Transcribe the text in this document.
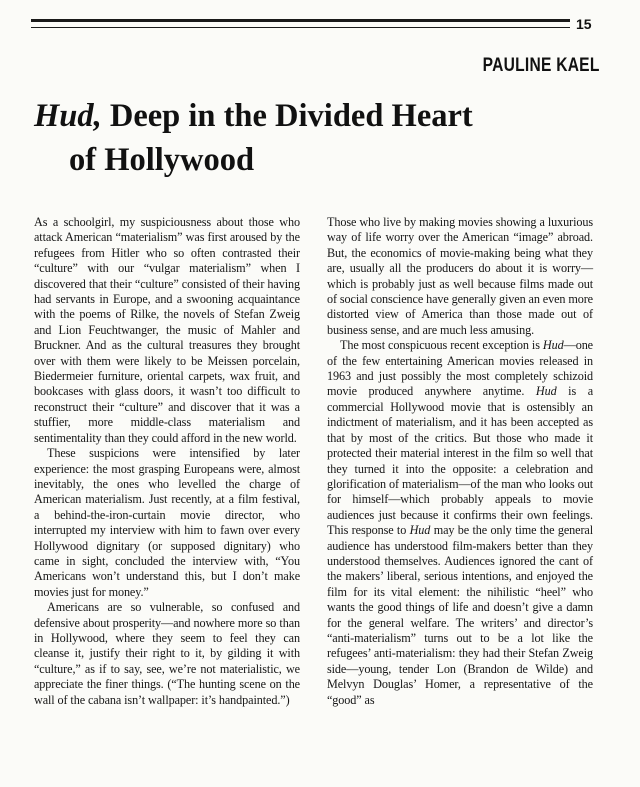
15
PAULINE KAEL
Hud, Deep in the Divided Heart
of Hollywood

As a schoolgirl, my suspiciousness about those who attack American “materialism” was first aroused by the refugees from Hitler who so often contrasted their “culture” with our “vulgar materialism” when I discovered that their “culture” consisted of their having had servants in Europe, and a swooning acquaintance with the poems of Rilke, the novels of Stefan Zweig and Lion Feuchtwanger, the music of Mahler and Bruckner. And as the cultural treasures they brought over with them were likely to be Meissen porcelain, Biedermeier furniture, oriental carpets, wax fruit, and bookcases with glass doors, it wasn’t too difficult to reconstruct their “culture” and discover that it was a stuffier, more middle-class materialism and sentimentality than they could afford in the new world.

These suspicions were intensified by later experience: the most grasping Europeans were, almost inevitably, the ones who levelled the charge of American materialism. Just recently, at a film festival, a behind-the-iron-curtain movie director, who interrupted my interview with him to fawn over every Hollywood dignitary (or supposed dignitary) who came in sight, concluded the interview with, “You Americans won’t understand this, but I don’t make movies just for money.”

Americans are so vulnerable, so confused and defensive about prosperity—and nowhere more so than in Hollywood, where they seem to feel they can cleanse it, justify their right to it, by gilding it with “culture,” as if to say, see, we’re not materialistic, we appreciate the finer things. (“The hunting scene on the wall of the cabana isn’t wallpaper: it’s handpainted.”)

Those who live by making movies showing a luxurious way of life worry over the American “image” abroad. But, the economics of movie-making being what they are, usually all the producers do about it is worry—which is probably just as well because films made out of social conscience have generally given an even more distorted view of America than those made out of business sense, and are much less amusing.

The most conspicuous recent exception is Hud—one of the few entertaining American movies released in 1963 and just possibly the most completely schizoid movie produced anywhere anytime. Hud is a commercial Hollywood movie that is ostensibly an indictment of materialism, and it has been accepted as that by most of the critics. But those who made it protected their material interest in the film so well that they turned it into the opposite: a celebration and glorification of materialism—of the man who looks out for himself—which probably appeals to movie audiences just because it confirms their own feelings. This response to Hud may be the only time the general audience has understood film-makers better than they understood themselves. Audiences ignored the cant of the makers’ liberal, serious intentions, and enjoyed the film for its vital element: the nihilistic “heel” who wants the good things of life and doesn’t give a damn for the general welfare. The writers’ and director’s “anti-materialism” turns out to be a lot like the refugees’ anti-materialism: they had their Stefan Zweig side—young, tender Lon (Brandon de Wilde) and Melvyn Douglas’ Homer, a representative of the “good” as
